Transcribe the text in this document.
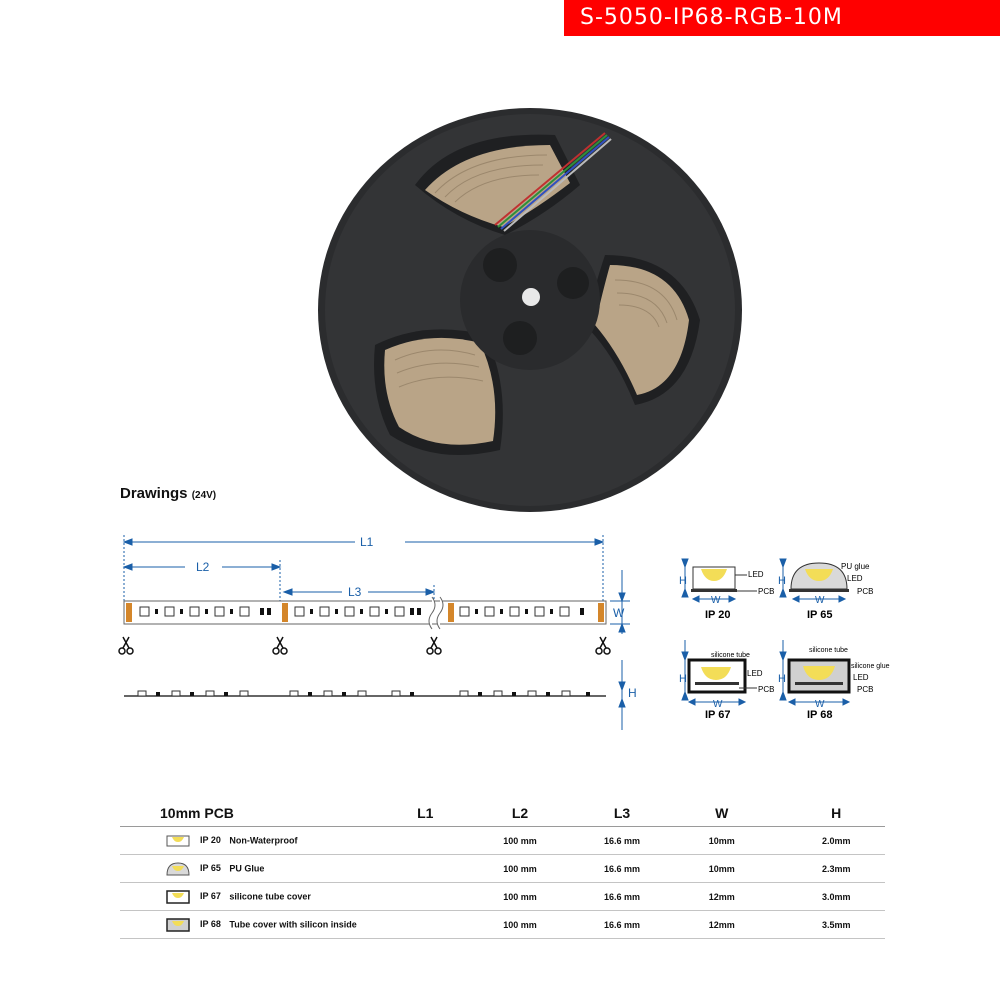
S-5050-IP68-RGB-10M
Drawings (24V)
L1
L2
L3
W
H
H
W
LED
PCB
IP 20
H
W
PU glue
LED
PCB
IP 65
H
W
silicone tube
LED
PCB
IP 67
H
W
silicone tube
silicone glue
LED
PCB
IP 68
10mm PCB	L1	L2	L3	W	H
IP 20 Non-Waterproof		100 mm	16.6 mm	10mm	2.0mm
IP 65 PU Glue		100 mm	16.6 mm	10mm	2.3mm
IP 67 silicone tube cover		100 mm	16.6 mm	12mm	3.0mm
IP 68 Tube cover with silicon inside		100 mm	16.6 mm	12mm	3.5mm
